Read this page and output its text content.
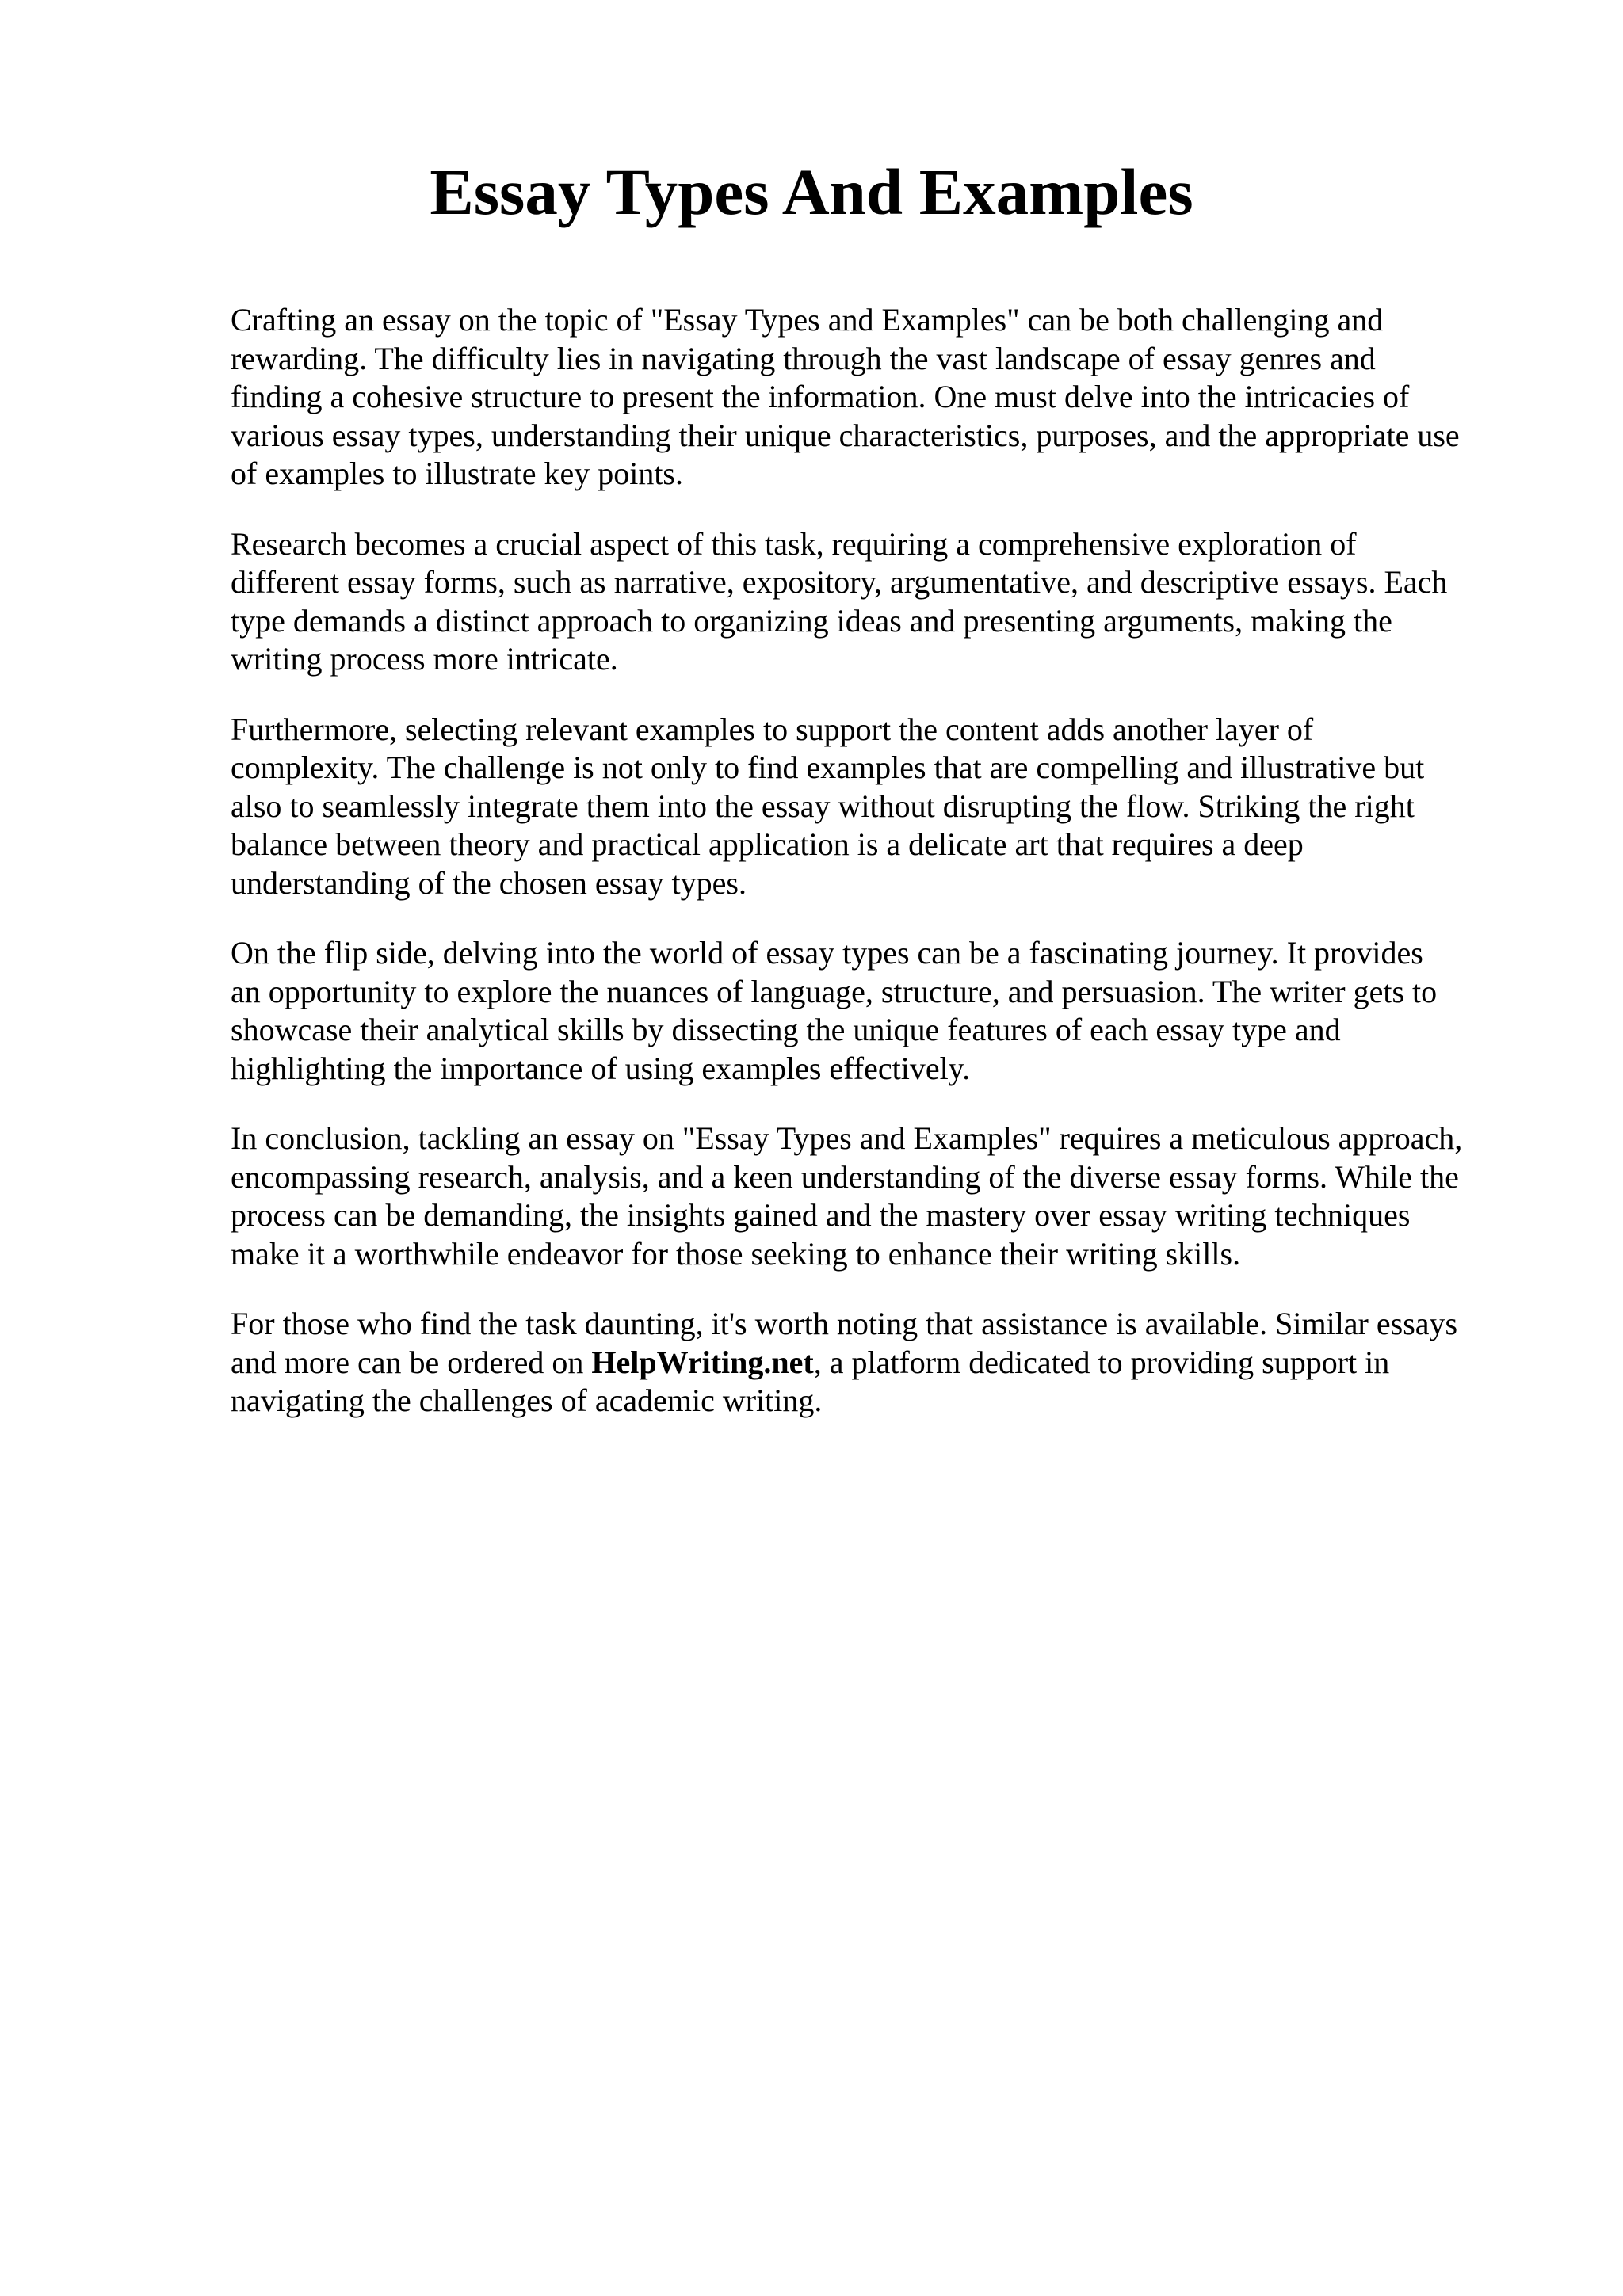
Essay Types And Examples

Crafting an essay on the topic of "Essay Types and Examples" can be both challenging and
rewarding. The difficulty lies in navigating through the vast landscape of essay genres and
finding a cohesive structure to present the information. One must delve into the intricacies of
various essay types, understanding their unique characteristics, purposes, and the appropriate use
of examples to illustrate key points.

Research becomes a crucial aspect of this task, requiring a comprehensive exploration of
different essay forms, such as narrative, expository, argumentative, and descriptive essays. Each
type demands a distinct approach to organizing ideas and presenting arguments, making the
writing process more intricate.

Furthermore, selecting relevant examples to support the content adds another layer of
complexity. The challenge is not only to find examples that are compelling and illustrative but
also to seamlessly integrate them into the essay without disrupting the flow. Striking the right
balance between theory and practical application is a delicate art that requires a deep
understanding of the chosen essay types.

On the flip side, delving into the world of essay types can be a fascinating journey. It provides
an opportunity to explore the nuances of language, structure, and persuasion. The writer gets to
showcase their analytical skills by dissecting the unique features of each essay type and
highlighting the importance of using examples effectively.

In conclusion, tackling an essay on "Essay Types and Examples" requires a meticulous approach,
encompassing research, analysis, and a keen understanding of the diverse essay forms. While the
process can be demanding, the insights gained and the mastery over essay writing techniques
make it a worthwhile endeavor for those seeking to enhance their writing skills.

For those who find the task daunting, it's worth noting that assistance is available. Similar essays
and more can be ordered on HelpWriting.net, a platform dedicated to providing support in
navigating the challenges of academic writing.
